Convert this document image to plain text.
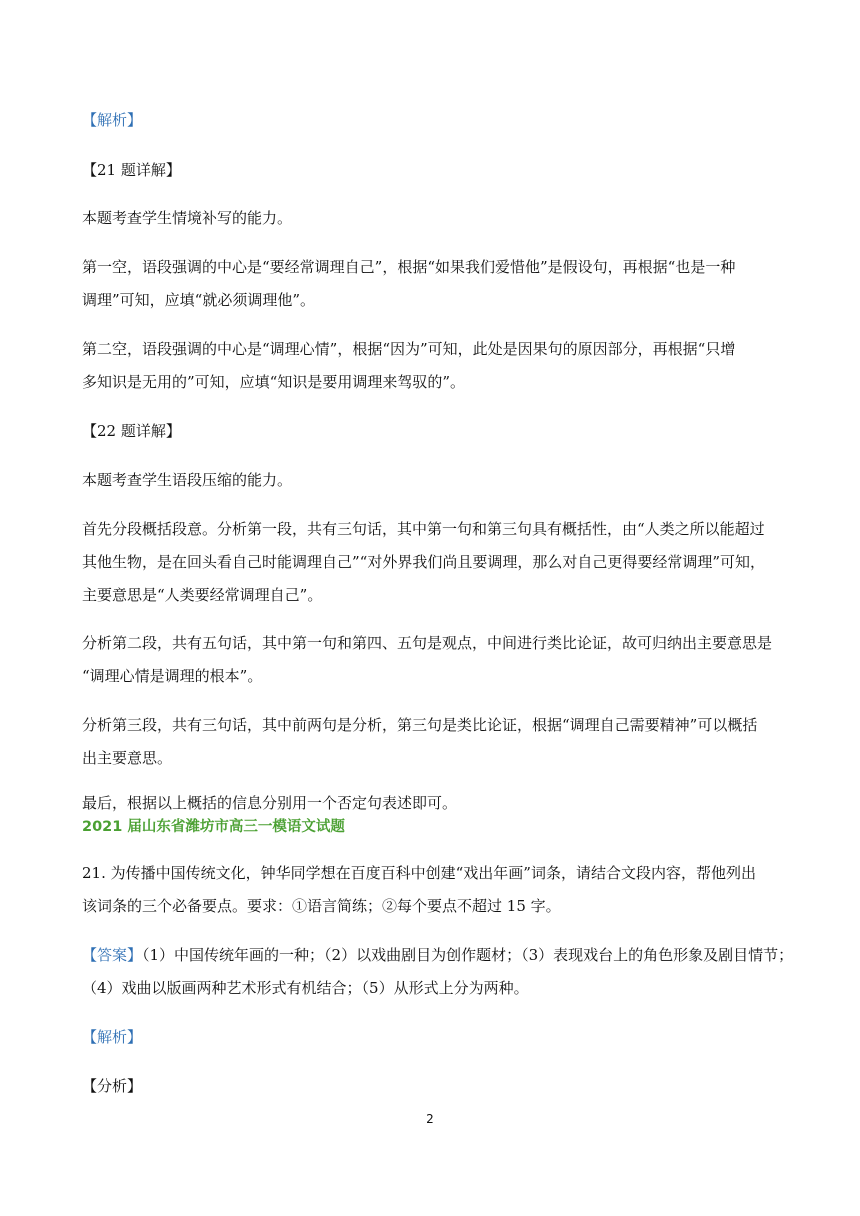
【解析】
【21 题详解】
本题考查学生情境补写的能力。
第一空，语段强调的中心是“要经常调理自己”，根据“如果我们爱惜他”是假设句，再根据“也是一种
调理”可知，应填“就必须调理他”。
第二空，语段强调的中心是“调理心情”，根据“因为”可知，此处是因果句的原因部分，再根据“只增
多知识是无用的”可知，应填“知识是要用调理来驾驭的”。
【22 题详解】
本题考查学生语段压缩的能力。
首先分段概括段意。分析第一段，共有三句话，其中第一句和第三句具有概括性，由“人类之所以能超过
其他生物，是在回头看自己时能调理自己”“对外界我们尚且要调理，那么对自己更得要经常调理”可知，
主要意思是“人类要经常调理自己”。
分析第二段，共有五句话，其中第一句和第四、五句是观点，中间进行类比论证，故可归纳出主要意思是
“调理心情是调理的根本”。
分析第三段，共有三句话，其中前两句是分析，第三句是类比论证，根据“调理自己需要精神”可以概括
出主要意思。
最后，根据以上概括的信息分别用一个否定句表述即可。
2021 届山东省潍坊市高三一模语文试题
21. 为传播中国传统文化，钟华同学想在百度百科中创建“戏出年画”词条，请结合文段内容，帮他列出
该词条的三个必备要点。要求：①语言简练；②每个要点不超过 15 字。
【答案】（1）中国传统年画的一种；（2）以戏曲剧目为创作题材；（3）表现戏台上的角色形象及剧目情节；
（4）戏曲以版画两种艺术形式有机结合；（5）从形式上分为两种。
【解析】
【分析】
2
